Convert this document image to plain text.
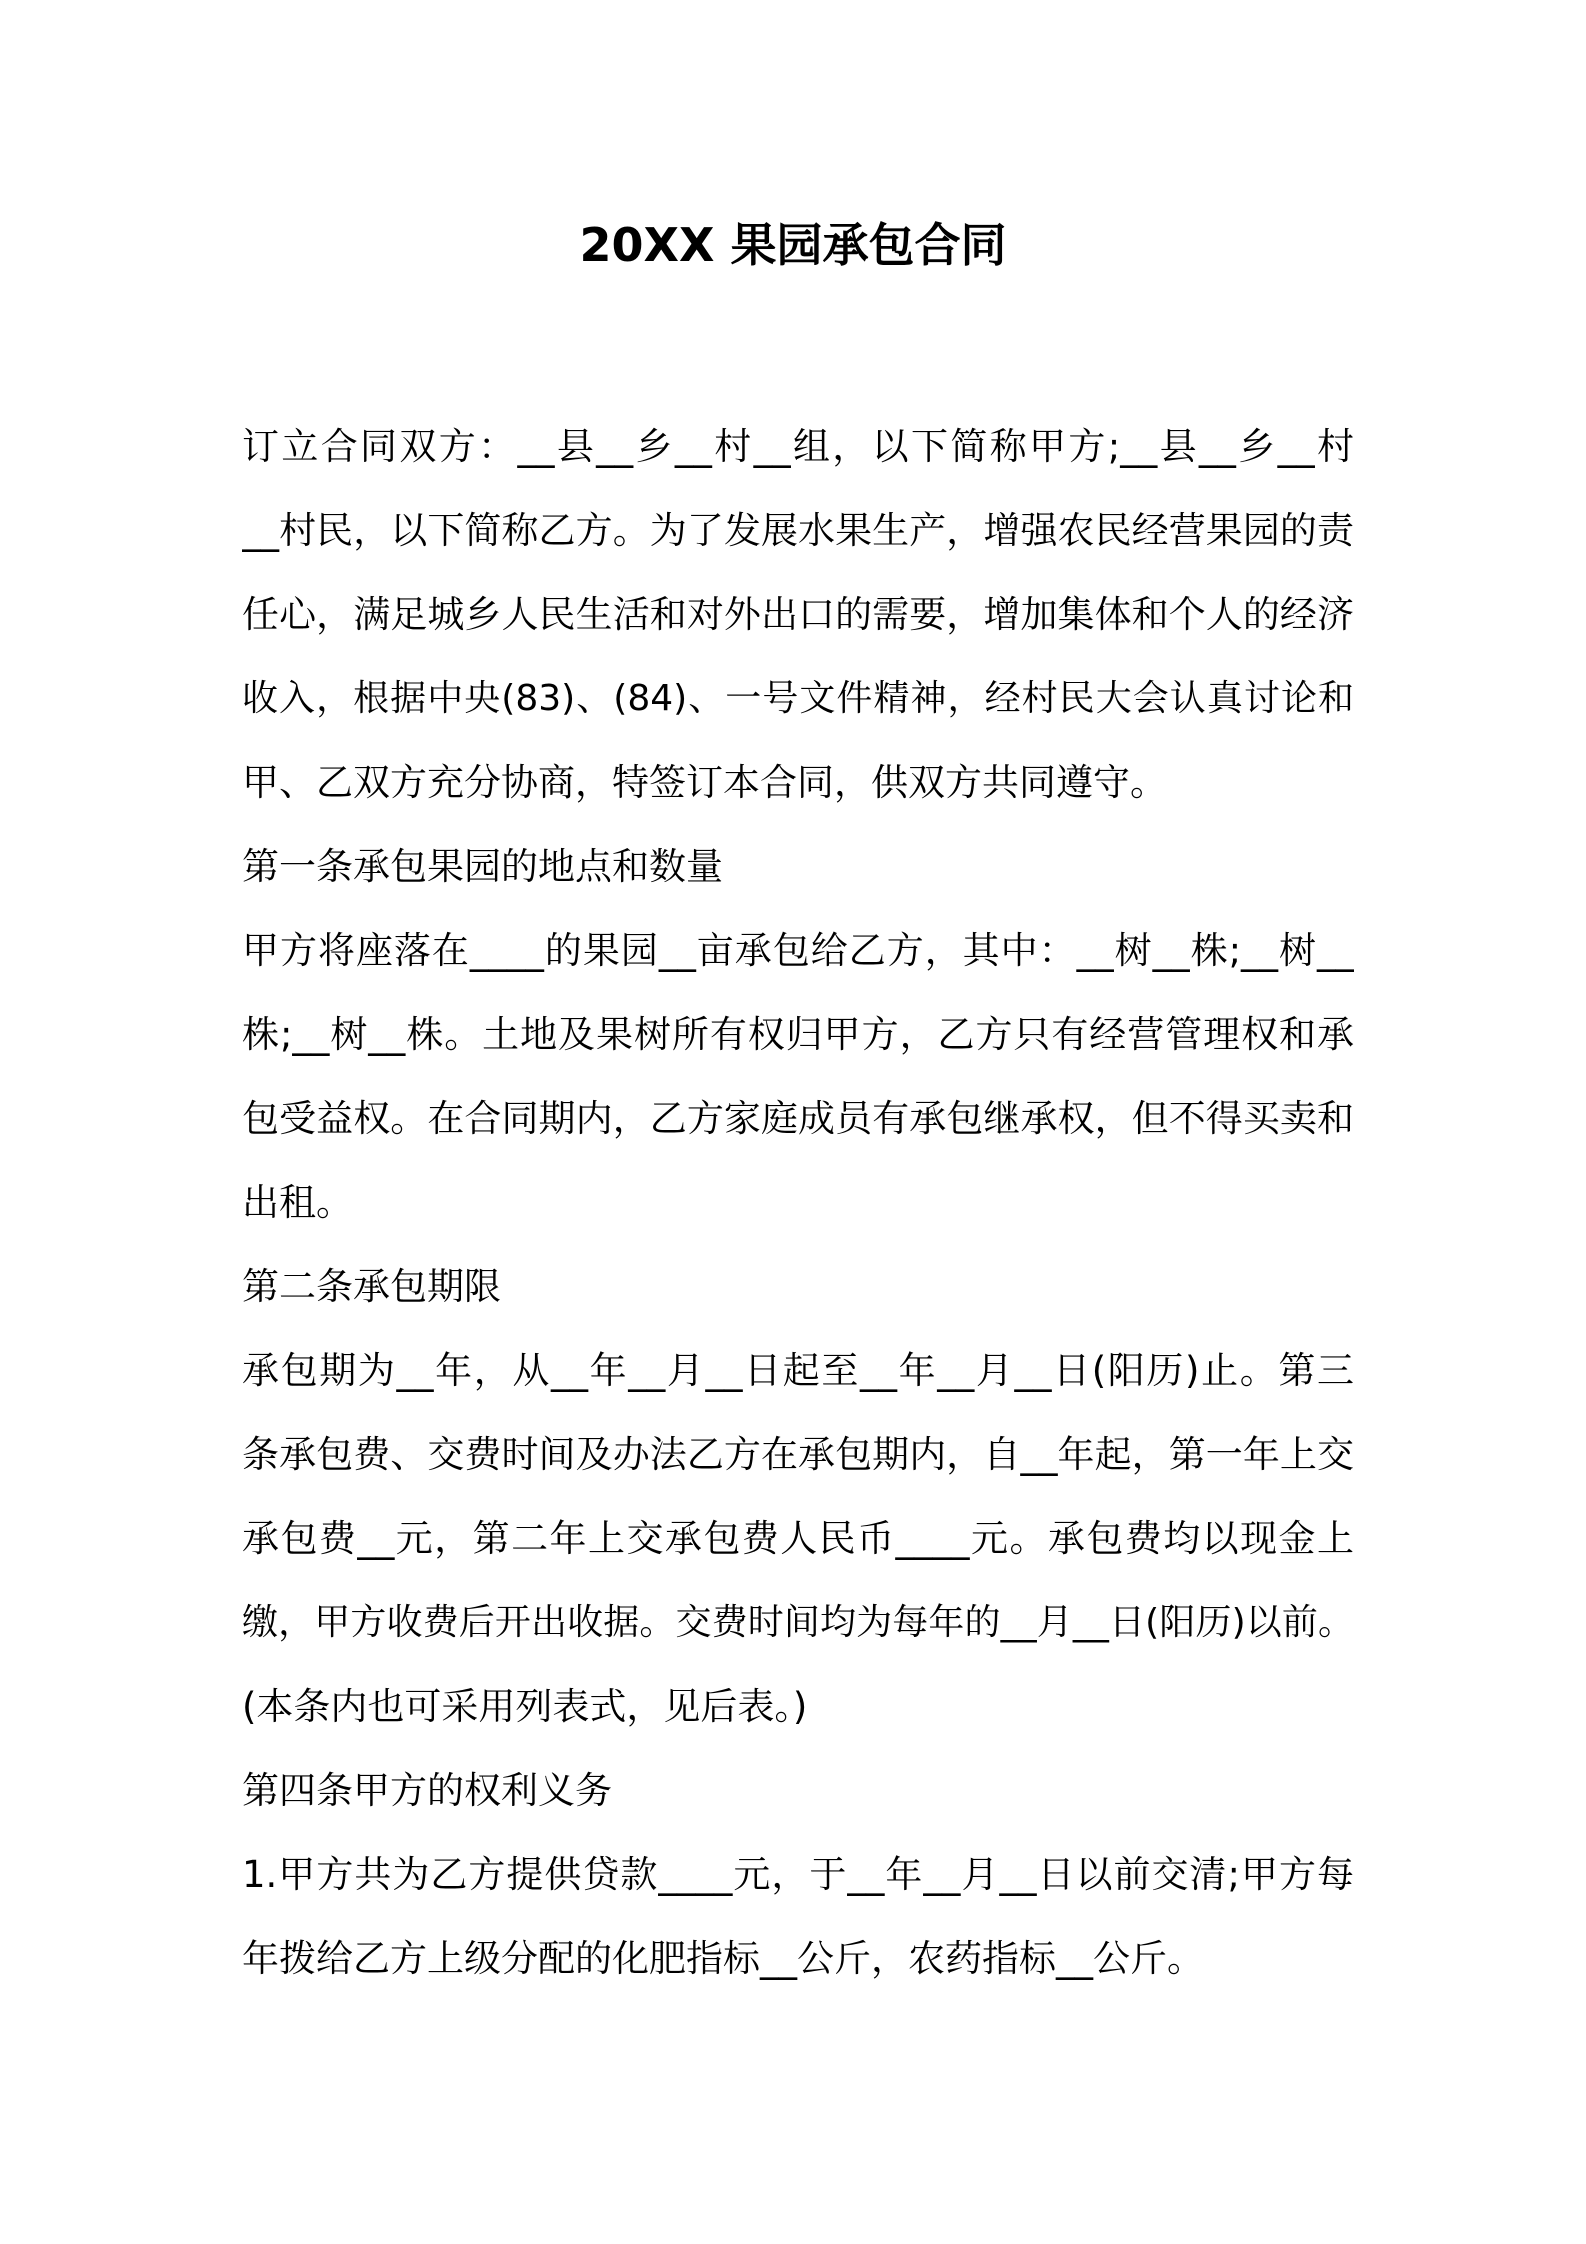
20XX 果园承包合同
订立合同双方：__县__乡__村__组，以下简称甲方;__县__乡__村
__村民，以下简称乙方。为了发展水果生产，增强农民经营果园的责
任心，满足城乡人民生活和对外出口的需要，增加集体和个人的经济
收入，根据中央(83)、(84)、一号文件精神，经村民大会认真讨论和
甲、乙双方充分协商，特签订本合同，供双方共同遵守。
第一条承包果园的地点和数量
甲方将座落在____的果园__亩承包给乙方，其中：__树__株;__树__
株;__树__株。土地及果树所有权归甲方，乙方只有经营管理权和承
包受益权。在合同期内，乙方家庭成员有承包继承权，但不得买卖和
出租。
第二条承包期限
承包期为__年，从__年__月__日起至__年__月__日(阳历)止。第三
条承包费、交费时间及办法乙方在承包期内，自__年起，第一年上交
承包费__元，第二年上交承包费人民币____元。承包费均以现金上
缴，甲方收费后开出收据。交费时间均为每年的__月__日(阳历)以前。
(本条内也可采用列表式，见后表。)
第四条甲方的权利义务
1.甲方共为乙方提供贷款____元，于__年__月__日以前交清;甲方每
年拨给乙方上级分配的化肥指标__公斤，农药指标__公斤。
